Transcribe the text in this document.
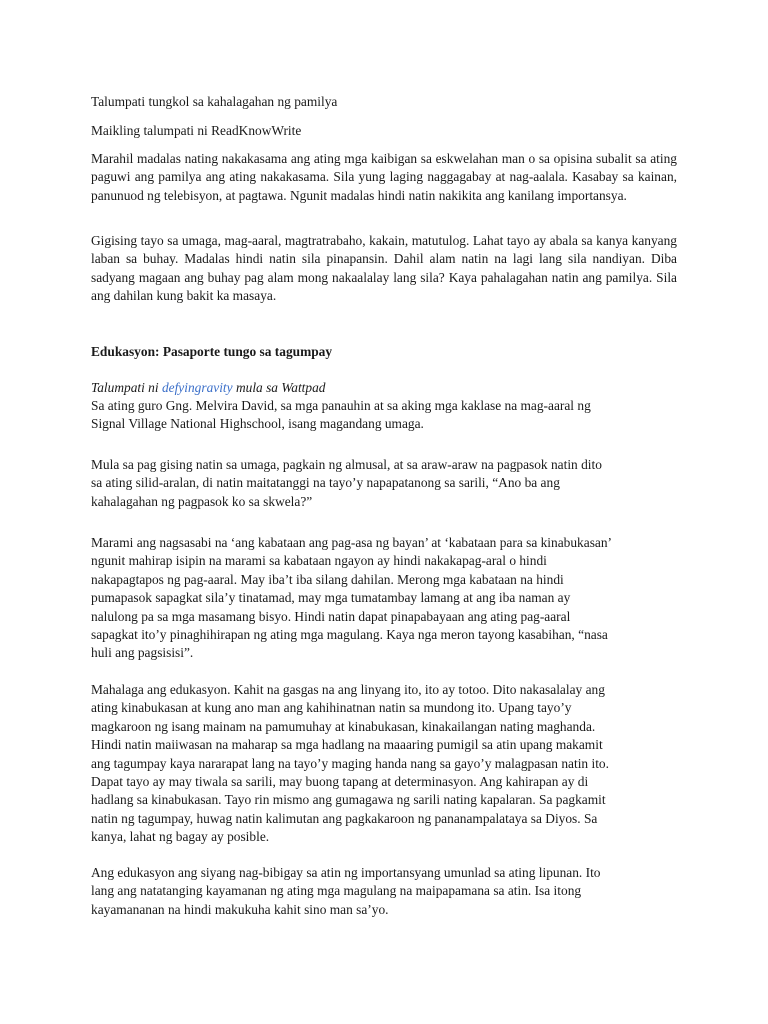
Talumpati tungkol sa kahalagahan ng pamilya

Maikling talumpati ni ReadKnowWrite

Marahil madalas nating nakakasama ang ating mga kaibigan sa eskwelahan man o sa opisina subalit sa ating paguwi ang pamilya ang ating nakakasama. Sila yung laging naggagabay at nag-aalala. Kasabay sa kainan, panunuod ng telebisyon, at pagtawa. Ngunit madalas hindi natin nakikita ang kanilang importansya.

Gigising tayo sa umaga, mag-aaral, magtratrabaho, kakain, matutulog. Lahat tayo ay abala sa kanya kanyang laban sa buhay. Madalas hindi natin sila pinapansin. Dahil alam natin na lagi lang sila nandiyan. Diba sadyang magaan ang buhay pag alam mong nakaalalay lang sila? Kaya pahalagahan natin ang pamilya. Sila ang dahilan kung bakit ka masaya.

Edukasyon: Pasaporte tungo sa tagumpay

Talumpati ni defyingravity mula sa Wattpad

Sa ating guro Gng. Melvira David, sa mga panauhin at sa aking mga kaklase na mag-aaral ng
Signal Village National Highschool, isang magandang umaga.

Mula sa pag gising natin sa umaga, pagkain ng almusal, at sa araw-araw na pagpasok natin dito
sa ating silid-aralan, di natin maitatanggi na tayo’y napapatanong sa sarili, “Ano ba ang
kahalagahan ng pagpasok ko sa skwela?”

Marami ang nagsasabi na ‘ang kabataan ang pag-asa ng bayan’ at ‘kabataan para sa kinabukasan’
ngunit mahirap isipin na marami sa kabataan ngayon ay hindi nakakapag-aral o hindi
nakapagtapos ng pag-aaral. May iba’t iba silang dahilan. Merong mga kabataan na hindi
pumapasok sapagkat sila’y tinatamad, may mga tumatambay lamang at ang iba naman ay
nalulong pa sa mga masamang bisyo. Hindi natin dapat pinapabayaan ang ating pag-aaral
sapagkat ito’y pinaghihirapan ng ating mga magulang. Kaya nga meron tayong kasabihan, “nasa
huli ang pagsisisi”.

Mahalaga ang edukasyon. Kahit na gasgas na ang linyang ito, ito ay totoo. Dito nakasalalay ang
ating kinabukasan at kung ano man ang kahihinatnan natin sa mundong ito. Upang tayo’y
magkaroon ng isang mainam na pamumuhay at kinabukasan, kinakailangan nating maghanda.
Hindi natin maiiwasan na maharap sa mga hadlang na maaaring pumigil sa atin upang makamit
ang tagumpay kaya nararapat lang na tayo’y maging handa nang sa gayo’y malagpasan natin ito.
Dapat tayo ay may tiwala sa sarili, may buong tapang at determinasyon. Ang kahirapan ay di
hadlang sa kinabukasan. Tayo rin mismo ang gumagawa ng sarili nating kapalaran. Sa pagkamit
natin ng tagumpay, huwag natin kalimutan ang pagkakaroon ng pananampalataya sa Diyos. Sa
kanya, lahat ng bagay ay posible.

Ang edukasyon ang siyang nag-bibigay sa atin ng importansyang umunlad sa ating lipunan. Ito
lang ang natatanging kayamanan ng ating mga magulang na maipapamana sa atin. Isa itong
kayamananan na hindi makukuha kahit sino man sa’yo.
